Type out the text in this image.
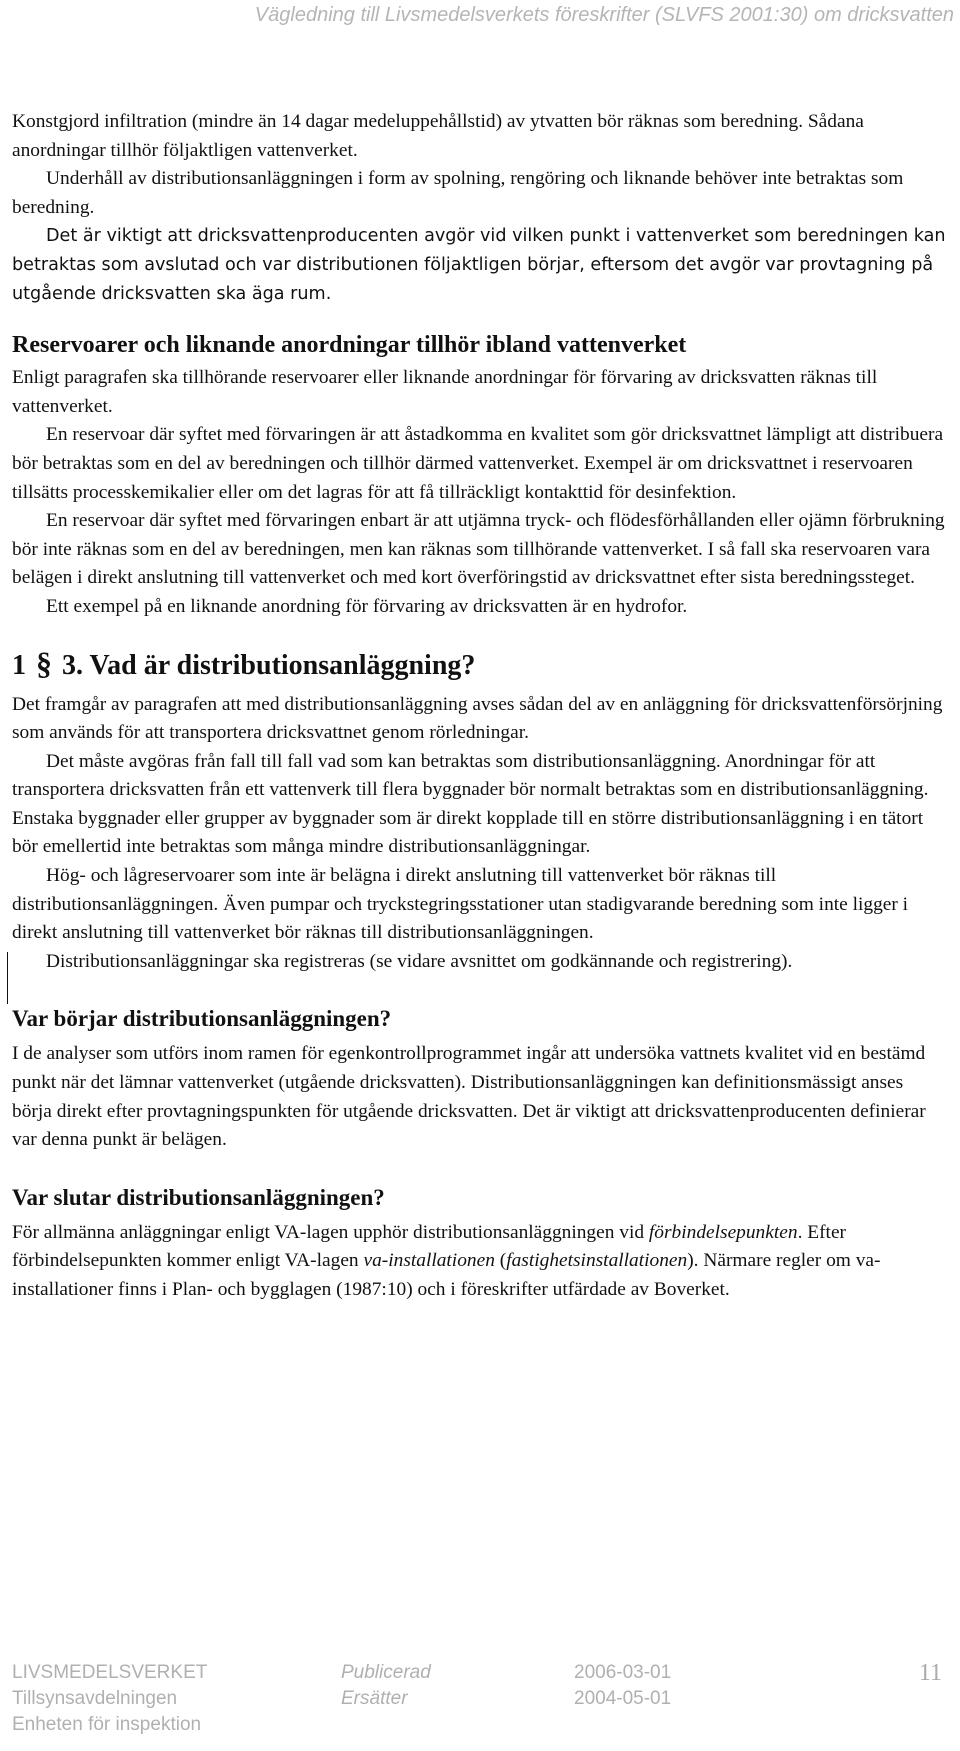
Vägledning till Livsmedelsverkets föreskrifter (SLVFS 2001:30) om dricksvatten

Konstgjord infiltration (mindre än 14 dagar medeluppehållstid) av ytvatten bör räknas som beredning. Sådana anordningar tillhör följaktligen vattenverket.

Underhåll av distributionsanläggningen i form av spolning, rengöring och liknande behöver inte betraktas som beredning.

Det är viktigt att dricksvattenproducenten avgör vid vilken punkt i vattenverket som beredningen kan betraktas som avslutad och var distributionen följaktligen börjar, eftersom det avgör var provtagning på utgående dricksvatten ska äga rum.

Reservoarer och liknande anordningar tillhör ibland vattenverket

Enligt paragrafen ska tillhörande reservoarer eller liknande anordningar för förvaring av dricksvatten räknas till vattenverket.

En reservoar där syftet med förvaringen är att åstadkomma en kvalitet som gör dricksvattnet lämpligt att distribuera bör betraktas som en del av beredningen och tillhör därmed vattenverket. Exempel är om dricksvattnet i reservoaren tillsätts processkemikalier eller om det lagras för att få tillräckligt kontakttid för desinfektion.

En reservoar där syftet med förvaringen enbart är att utjämna tryck- och flödesförhållanden eller ojämn förbrukning bör inte räknas som en del av beredningen, men kan räknas som tillhörande vattenverket. I så fall ska reservoaren vara belägen i direkt anslutning till vattenverket och med kort överföringstid av dricksvattnet efter sista beredningssteget.

Ett exempel på en liknande anordning för förvaring av dricksvatten är en hydrofor.

1 § 3. Vad är distributionsanläggning?

Det framgår av paragrafen att med distributionsanläggning avses sådan del av en anläggning för dricksvattenförsörjning som används för att transportera dricksvattnet genom rörledningar.

Det måste avgöras från fall till fall vad som kan betraktas som distributionsanläggning. Anordningar för att transportera dricksvatten från ett vattenverk till flera byggnader bör normalt betraktas som en distributionsanläggning. Enstaka byggnader eller grupper av byggnader som är direkt kopplade till en större distributionsanläggning i en tätort bör emellertid inte betraktas som många mindre distributionsanläggningar.

Hög- och lågreservoarer som inte är belägna i direkt anslutning till vattenverket bör räknas till distributionsanläggningen. Även pumpar och tryckstegringsstationer utan stadigvarande beredning som inte ligger i direkt anslutning till vattenverket bör räknas till distributionsanläggningen.

Distributionsanläggningar ska registreras (se vidare avsnittet om godkännande och registrering).

Var börjar distributionsanläggningen?

I de analyser som utförs inom ramen för egenkontrollprogrammet ingår att undersöka vattnets kvalitet vid en bestämd punkt när det lämnar vattenverket (utgående dricksvatten). Distributionsanläggningen kan definitionsmässigt anses börja direkt efter provtagningspunkten för utgående dricksvatten. Det är viktigt att dricksvattenproducenten definierar var denna punkt är belägen.

Var slutar distributionsanläggningen?

För allmänna anläggningar enligt VA-lagen upphör distributionsanläggningen vid förbindelsepunkten. Efter förbindelsepunkten kommer enligt VA-lagen va-installationen (fastighetsinstallationen). Närmare regler om va-installationer finns i Plan- och bygglagen (1987:10) och i föreskrifter utfärdade av Boverket.

LIVSMEDELSVERKET
Tillsynsavdelningen
Enheten för inspektion
Publicerad
Ersätter
2006-03-01
2004-05-01
11
